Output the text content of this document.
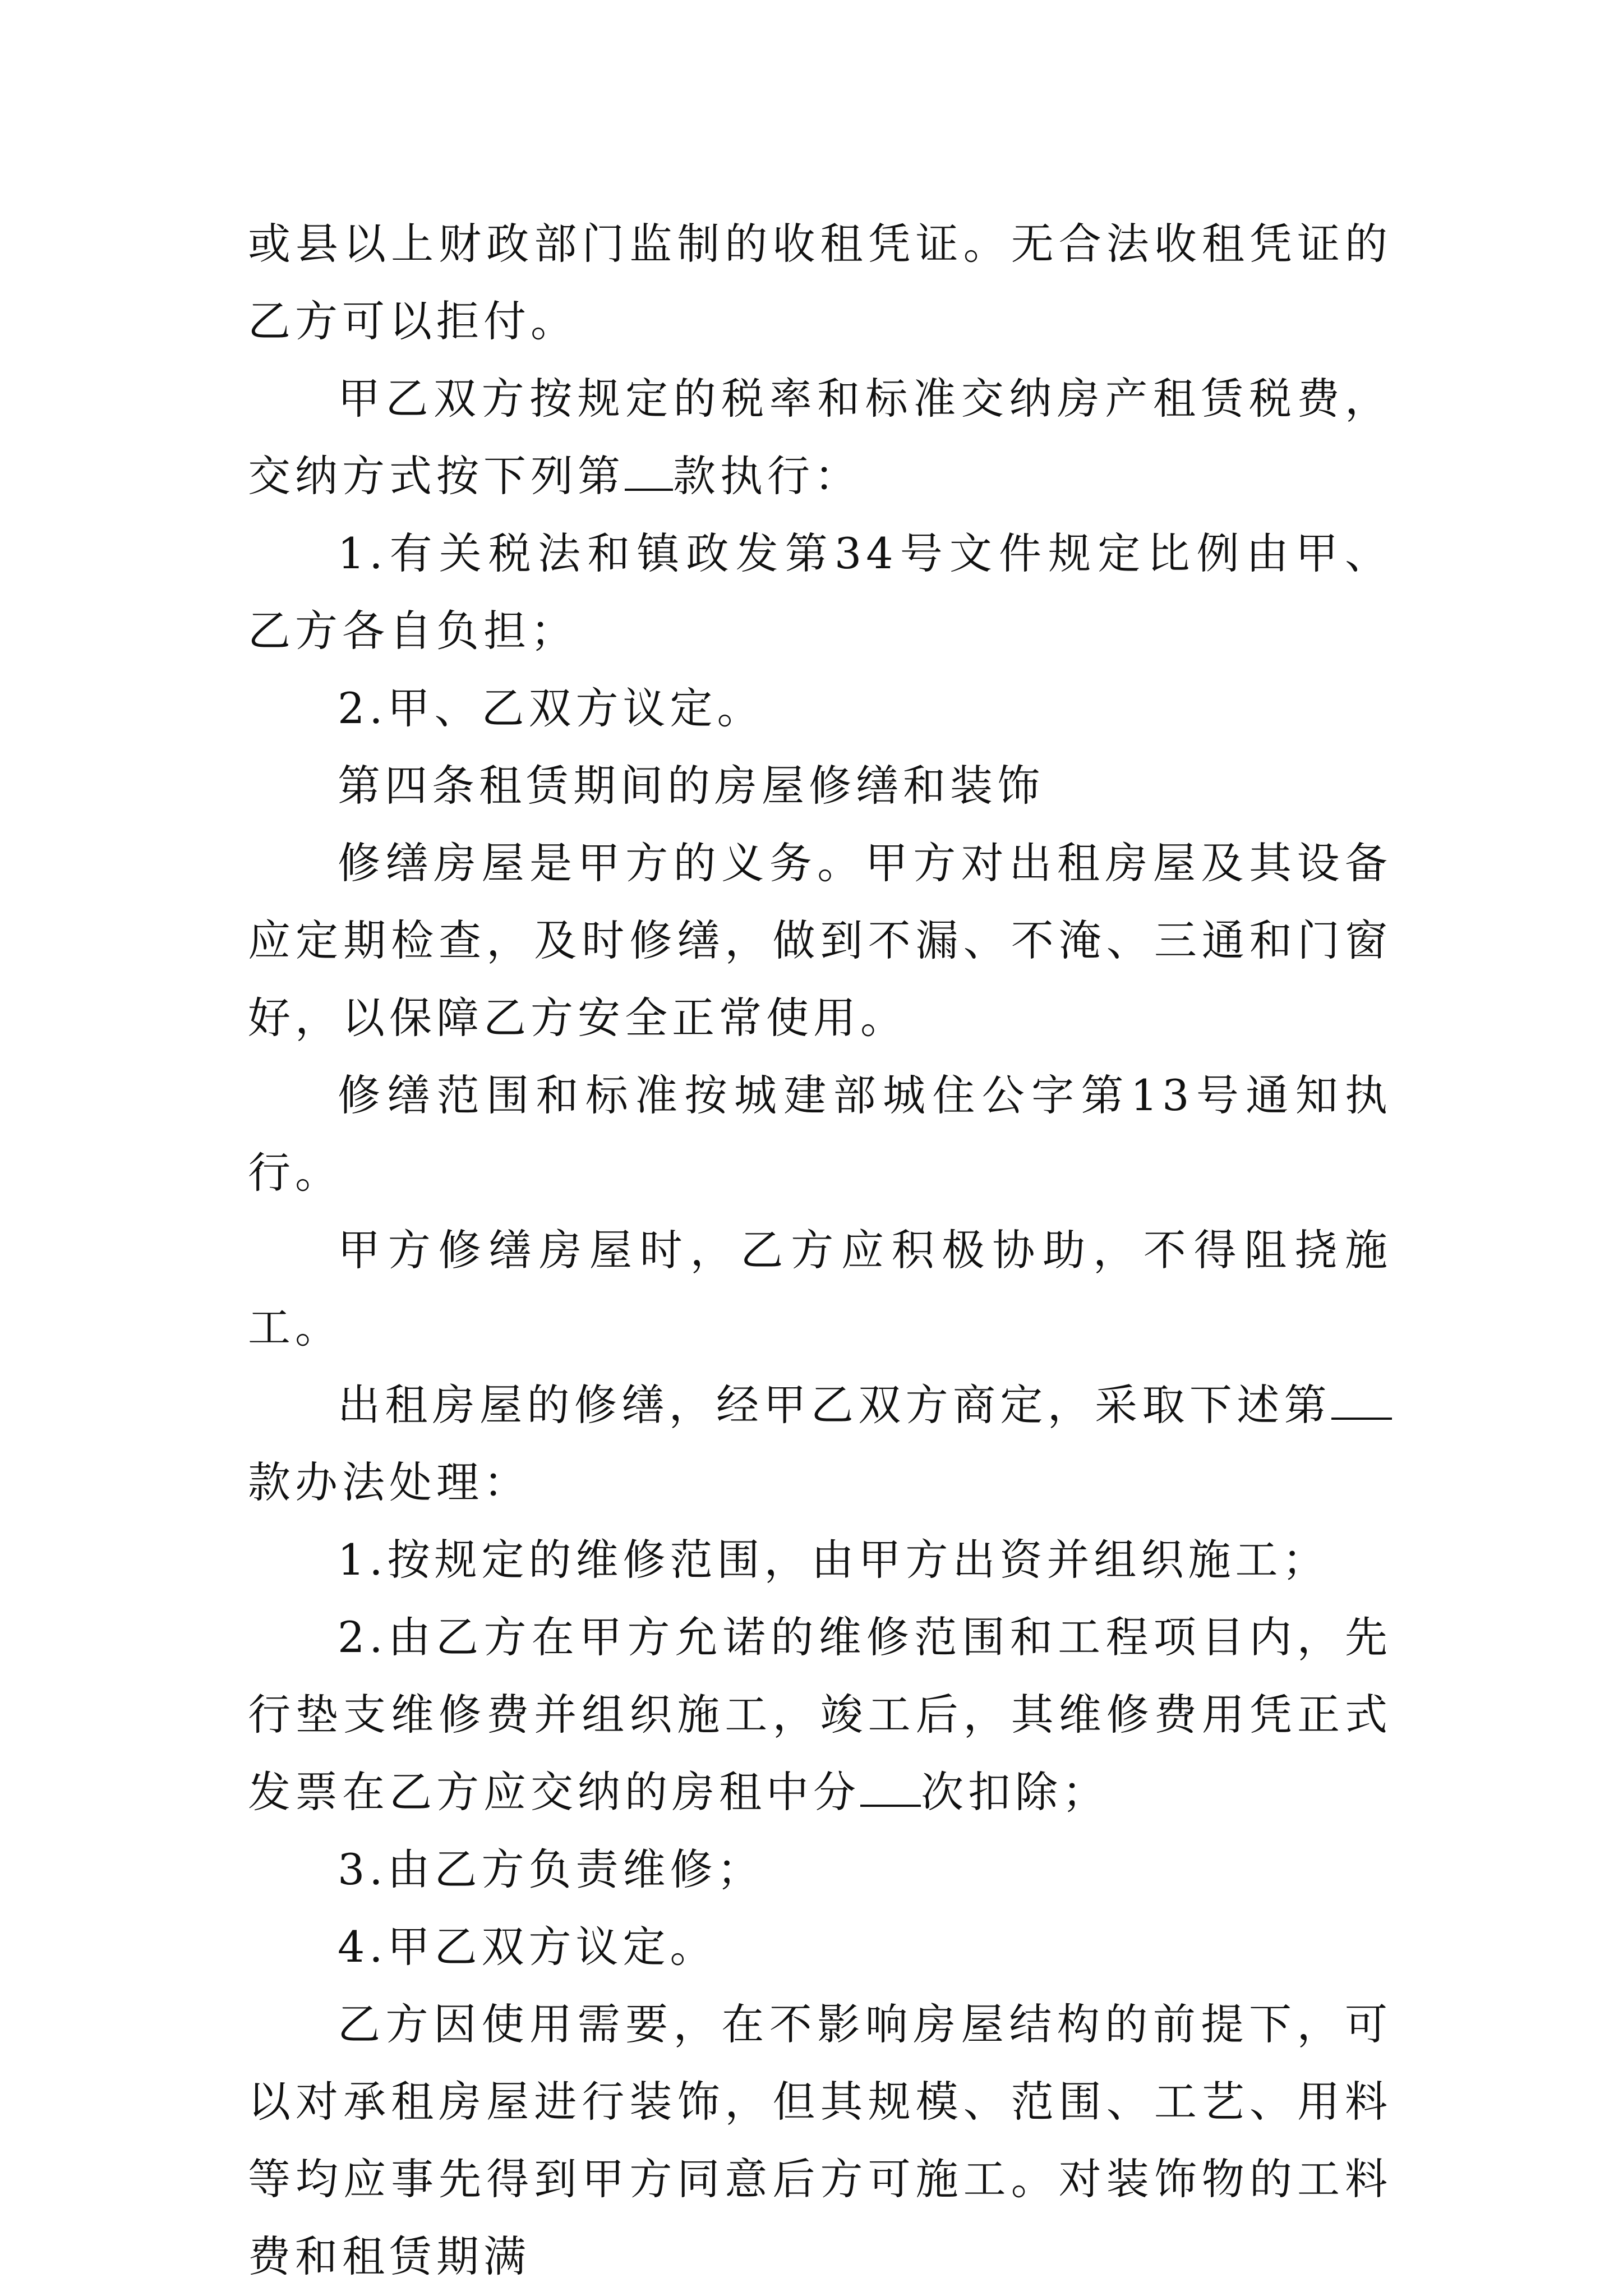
或县以上财政部门监制的收租凭证。无合法收租凭证的乙方可以拒付。

甲乙双方按规定的税率和标准交纳房产租赁税费，交纳方式按下列第 款执行：

1.有关税法和镇政发第34号文件规定比例由甲、乙方各自负担；

2.甲、乙双方议定。

第四条租赁期间的房屋修缮和装饰

修缮房屋是甲方的义务。甲方对出租房屋及其设备应定期检查，及时修缮，做到不漏、不淹、三通和门窗好，以保障乙方安全正常使用。

修缮范围和标准按城建部城住公字第13号通知执行。

甲方修缮房屋时，乙方应积极协助，不得阻挠施工。

出租房屋的修缮，经甲乙双方商定，采取下述第款办法处理：

1.按规定的维修范围，由甲方出资并组织施工；

2.由乙方在甲方允诺的维修范围和工程项目内，先行垫支维修费并组织施工，竣工后，其维修费用凭正式发票在乙方应交纳的房租中分 次扣除；

3.由乙方负责维修；

4.甲乙双方议定。

乙方因使用需要，在不影响房屋结构的前提下，可以对承租房屋进行装饰，但其规模、范围、工艺、用料等均应事先得到甲方同意后方可施工。对装饰物的工料费和租赁期满
